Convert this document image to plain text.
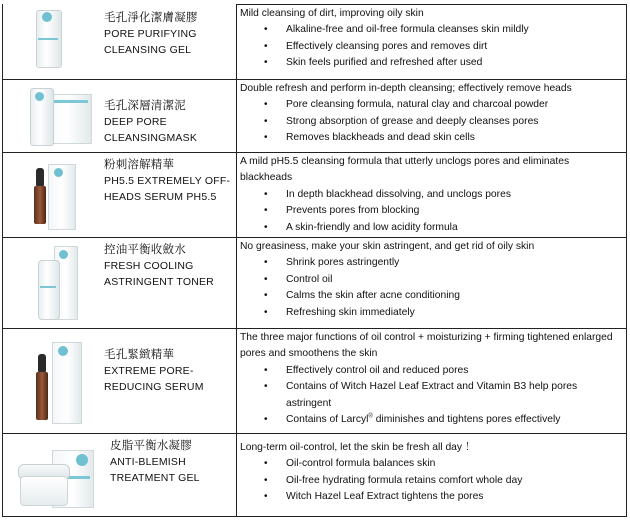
毛孔淨化潔膚凝膠
PORE PURIFYING
CLEANSING GEL
Mild cleansing of dirt, improving oily skin
• Alkaline-free and oil-free formula cleanses skin mildly
• Effectively cleansing pores and removes dirt
• Skin feels purified and refreshed after used
毛孔深層清潔泥
DEEP PORE
CLEANSINGMASK
Double refresh and perform in-depth cleansing; effectively remove heads
• Pore cleansing formula, natural clay and charcoal powder
• Strong absorption of grease and deeply cleanses pores
• Removes blackheads and dead skin cells
粉刺溶解精華
PH5.5 EXTREMELY OFF-
HEADS SERUM PH5.5
A mild pH5.5 cleansing formula that utterly unclogs pores and eliminates blackheads
• In depth blackhead dissolving, and unclogs pores
• Prevents pores from blocking
• A skin-friendly and low acidity formula
控油平衡收斂水
FRESH COOLING
ASTRINGENT TONER
No greasiness, make your skin astringent, and get rid of oily skin
• Shrink pores astringently
• Control oil
• Calms the skin after acne conditioning
• Refreshing skin immediately
毛孔緊緻精華
EXTREME PORE-
REDUCING SERUM
The three major functions of oil control + moisturizing + firming tightened enlarged pores and smoothens the skin
• Effectively control oil and reduced pores
• Contains of Witch Hazel Leaf Extract and Vitamin B3 help pores astringent
• Contains of Larcyl® diminishes and tightens pores effectively
皮脂平衡水凝膠
ANTI-BLEMISH
TREATMENT GEL
Long-term oil-control, let the skin be fresh all day ！
• Oil-control formula balances skin
• Oil-free hydrating formula retains comfort whole day
• Witch Hazel Leaf Extract tightens the pores
